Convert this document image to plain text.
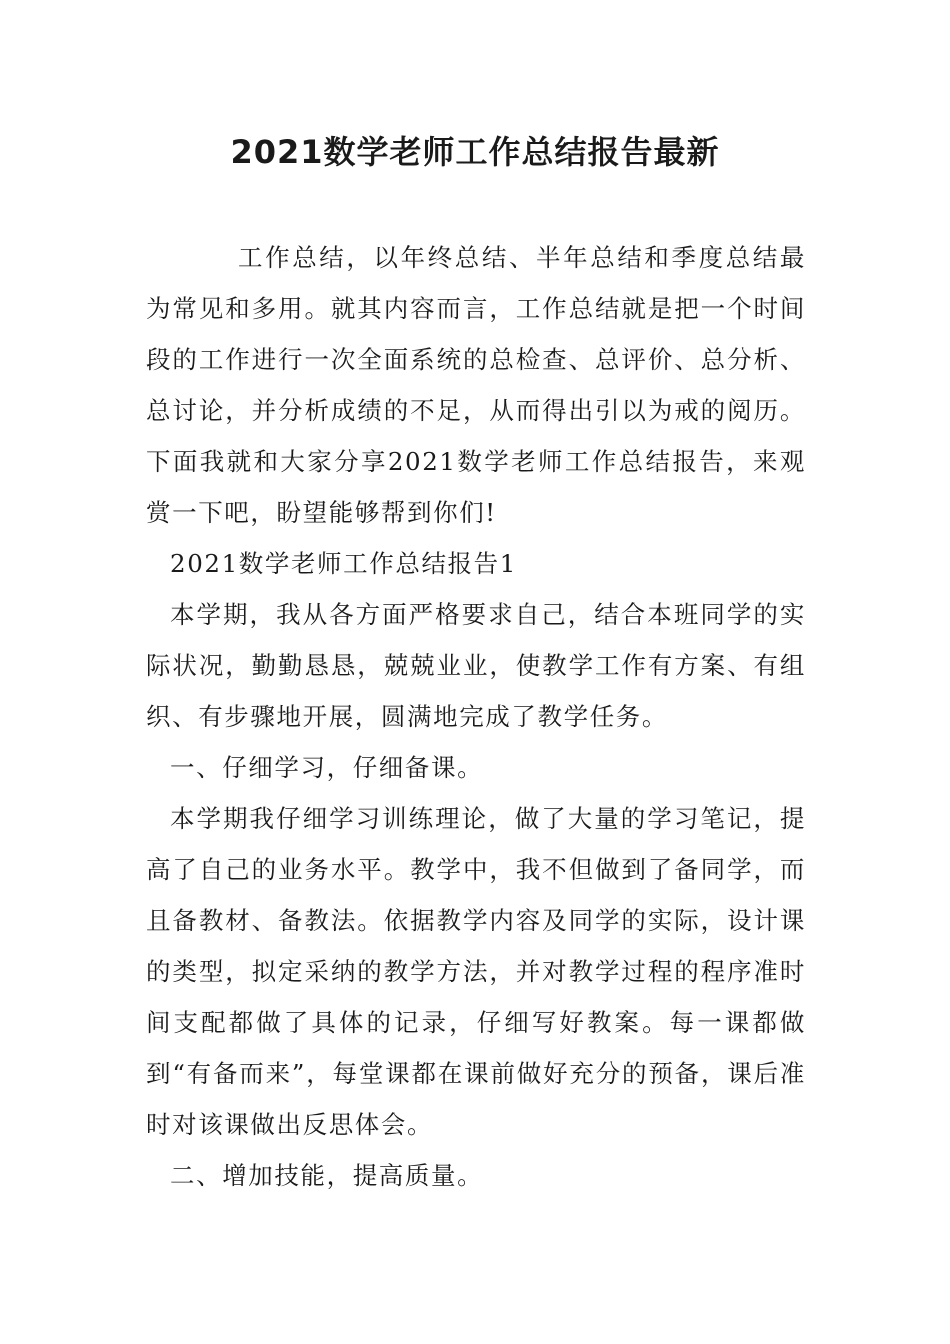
2021数学老师工作总结报告最新

工作总结，以年终总结、半年总结和季度总结最为常见和多用。就其内容而言，工作总结就是把一个时间段的工作进行一次全面系统的总检查、总评价、总分析、总讨论，并分析成绩的不足，从而得出引以为戒的阅历。下面我就和大家分享2021数学老师工作总结报告，来观赏一下吧，盼望能够帮到你们!

2021数学老师工作总结报告1

本学期，我从各方面严格要求自己，结合本班同学的实际状况，勤勤恳恳，兢兢业业，使教学工作有方案、有组织、有步骤地开展，圆满地完成了教学任务。

一、仔细学习，仔细备课。

本学期我仔细学习训练理论，做了大量的学习笔记，提高了自己的业务水平。教学中，我不但做到了备同学，而且备教材、备教法。依据教学内容及同学的实际，设计课的类型，拟定采纳的教学方法，并对教学过程的程序准时间支配都做了具体的记录，仔细写好教案。每一课都做到“有备而来”，每堂课都在课前做好充分的预备，课后准时对该课做出反思体会。

二、增加技能，提高质量。
